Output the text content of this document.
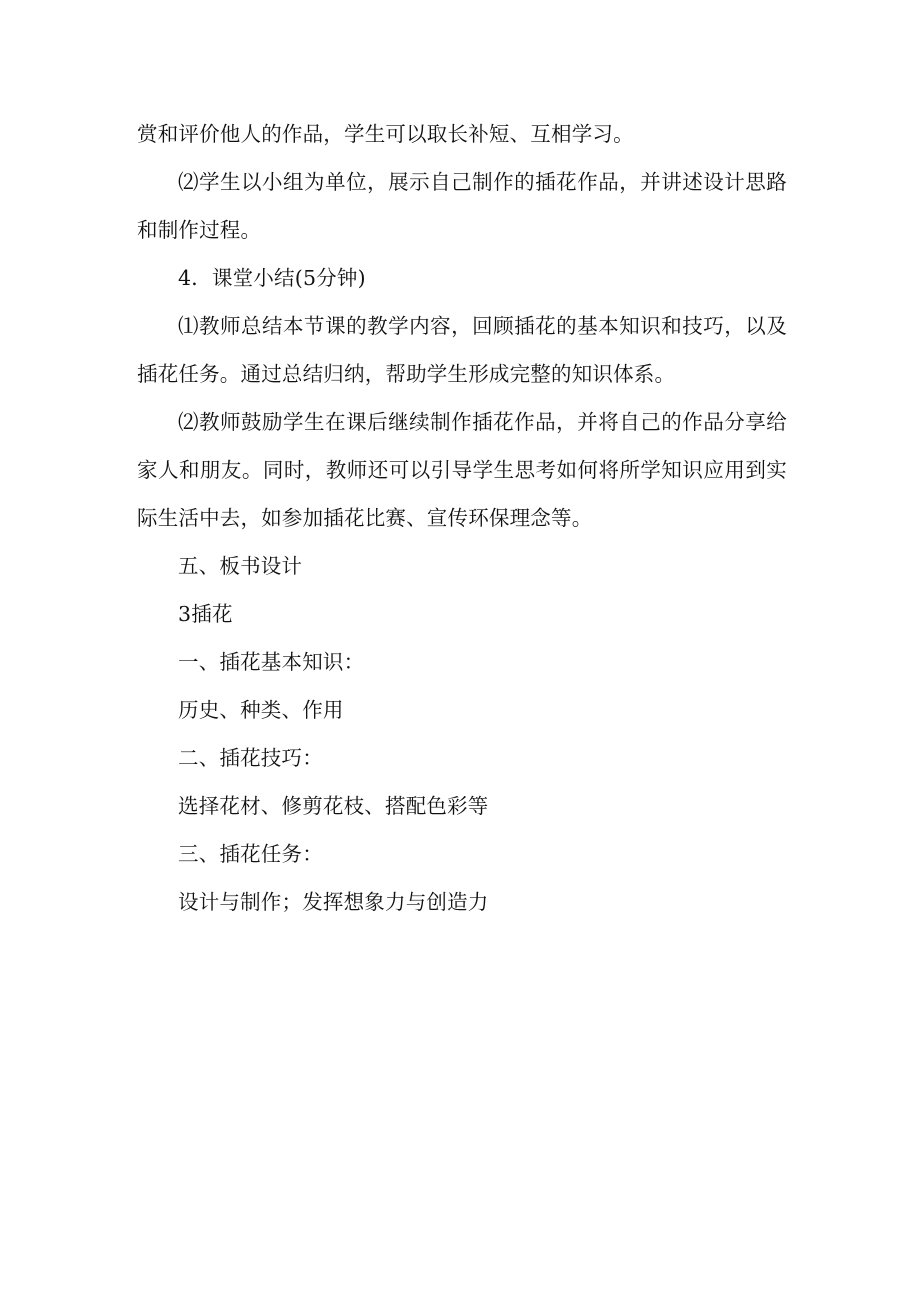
赏和评价他人的作品，学生可以取长补短、互相学习。

⑵学生以小组为单位，展示自己制作的插花作品，并讲述设计思路和制作过程。

4．课堂小结(5分钟)

⑴教师总结本节课的教学内容，回顾插花的基本知识和技巧，以及插花任务。通过总结归纳，帮助学生形成完整的知识体系。

⑵教师鼓励学生在课后继续制作插花作品，并将自己的作品分享给家人和朋友。同时，教师还可以引导学生思考如何将所学知识应用到实际生活中去，如参加插花比赛、宣传环保理念等。

五、板书设计

3插花

一、插花基本知识：

历史、种类、作用

二、插花技巧：

选择花材、修剪花枝、搭配色彩等

三、插花任务：

设计与制作；发挥想象力与创造力
